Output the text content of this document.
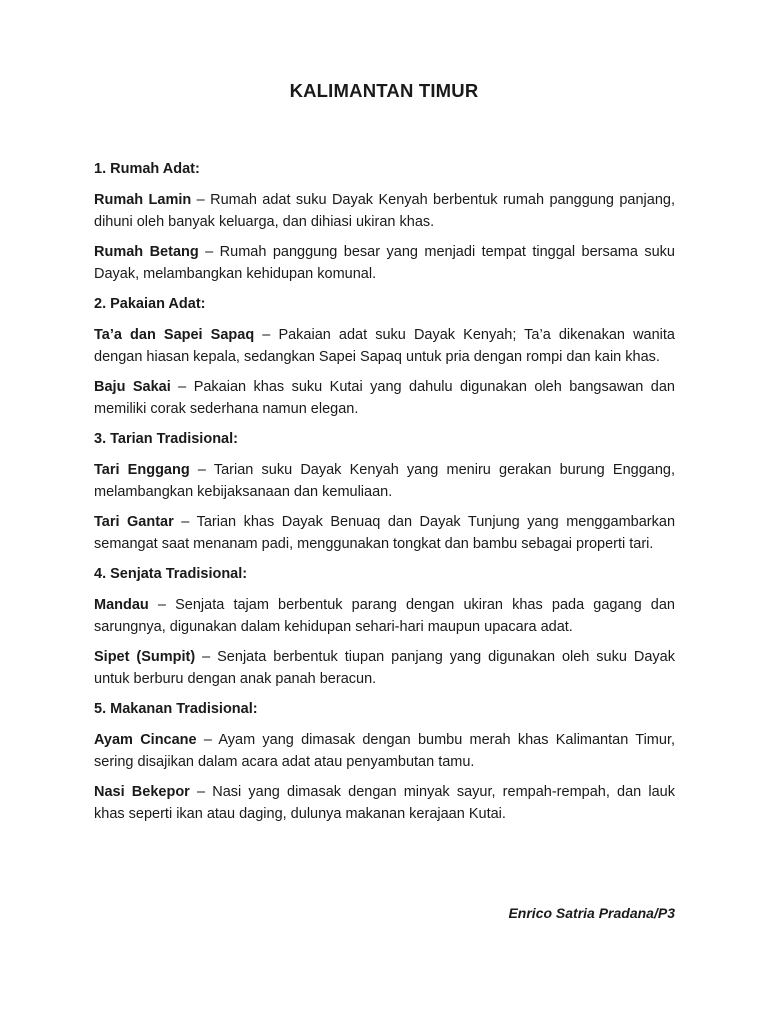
KALIMANTAN TIMUR

1. Rumah Adat:

Rumah Lamin – Rumah adat suku Dayak Kenyah berbentuk rumah panggung panjang, dihuni oleh banyak keluarga, dan dihiasi ukiran khas.

Rumah Betang – Rumah panggung besar yang menjadi tempat tinggal bersama suku Dayak, melambangkan kehidupan komunal.

2. Pakaian Adat:

Ta’a dan Sapei Sapaq – Pakaian adat suku Dayak Kenyah; Ta’a dikenakan wanita dengan hiasan kepala, sedangkan Sapei Sapaq untuk pria dengan rompi dan kain khas.

Baju Sakai – Pakaian khas suku Kutai yang dahulu digunakan oleh bangsawan dan memiliki corak sederhana namun elegan.

3. Tarian Tradisional:

Tari Enggang – Tarian suku Dayak Kenyah yang meniru gerakan burung Enggang, melambangkan kebijaksanaan dan kemuliaan.

Tari Gantar – Tarian khas Dayak Benuaq dan Dayak Tunjung yang menggambarkan semangat saat menanam padi, menggunakan tongkat dan bambu sebagai properti tari.

4. Senjata Tradisional:

Mandau – Senjata tajam berbentuk parang dengan ukiran khas pada gagang dan sarungnya, digunakan dalam kehidupan sehari-hari maupun upacara adat.

Sipet (Sumpit) – Senjata berbentuk tiupan panjang yang digunakan oleh suku Dayak untuk berburu dengan anak panah beracun.

5. Makanan Tradisional:

Ayam Cincane – Ayam yang dimasak dengan bumbu merah khas Kalimantan Timur, sering disajikan dalam acara adat atau penyambutan tamu.

Nasi Bekepor – Nasi yang dimasak dengan minyak sayur, rempah-rempah, dan lauk khas seperti ikan atau daging, dulunya makanan kerajaan Kutai.

Enrico Satria Pradana/P3
